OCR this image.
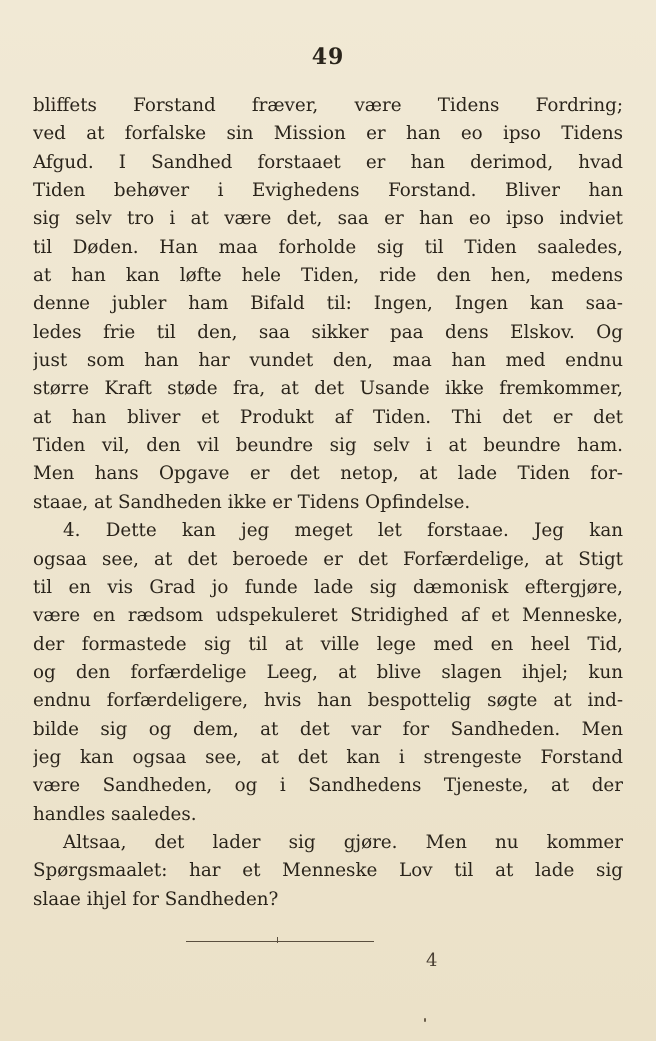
49
bliffets Forstand fræver, være Tidens Fordring;
ved at forfalske sin Mission er han eo ipso Tidens
Afgud. I Sandhed forstaaet er han derimod, hvad
Tiden behøver i Evighedens Forstand. Bliver han
sig selv tro i at være det, saa er han eo ipso indviet
til Døden. Han maa forholde sig til Tiden saaledes,
at han kan løfte hele Tiden, ride den hen, medens
denne jubler ham Bifald til: Ingen, Ingen kan saa-
ledes frie til den, saa sikker paa dens Elskov. Og
just som han har vundet den, maa han med endnu
større Kraft støde fra, at det Usande ikke fremkommer,
at han bliver et Produkt af Tiden. Thi det er det
Tiden vil, den vil beundre sig selv i at beundre ham.
Men hans Opgave er det netop, at lade Tiden for-
staae, at Sandheden ikke er Tidens Opfindelse.
4. Dette kan jeg meget let forstaae. Jeg kan
ogsaa see, at det beroede er det Forfærdelige, at Stigt
til en vis Grad jo funde lade sig dæmonisk eftergjøre,
være en rædsom udspekuleret Stridighed af et Menneske,
der formastede sig til at ville lege med en heel Tid,
og den forfærdelige Leeg, at blive slagen ihjel; kun
endnu forfærdeligere, hvis han bespottelig søgte at ind-
bilde sig og dem, at det var for Sandheden. Men
jeg kan ogsaa see, at det kan i strengeste Forstand
være Sandheden, og i Sandhedens Tjeneste, at der
handles saaledes.
Altsaa, det lader sig gjøre. Men nu kommer
Spørgsmaalet: har et Menneske Lov til at lade sig
slaae ihjel for Sandheden?
4
